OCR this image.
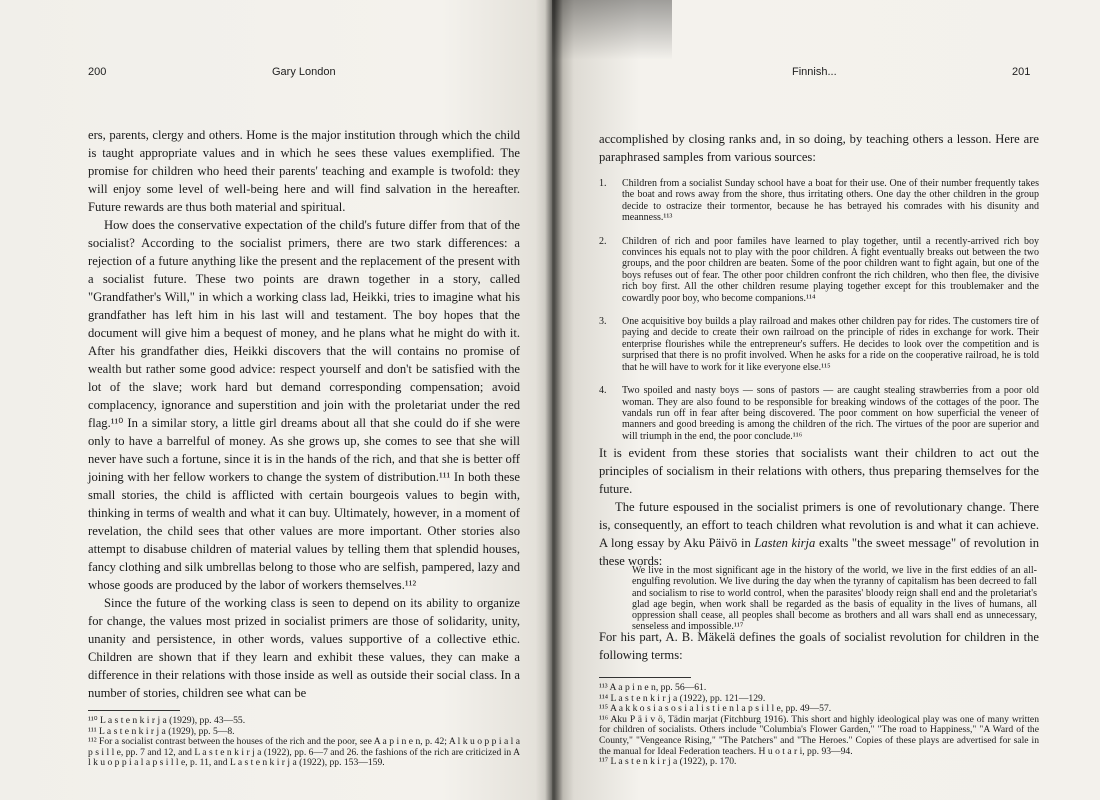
200	Gary London

ers, parents, clergy and others. Home is the major institution through which the child is taught appropriate values and in which he sees these values exemplified. The promise for children who heed their parents' teaching and example is twofold: they will enjoy some level of well-being here and will find salvation in the hereafter. Future rewards are thus both material and spiritual.

How does the conservative expectation of the child's future differ from that of the socialist? According to the socialist primers, there are two stark differences: a rejection of a future anything like the present and the replacement of the present with a socialist future. These two points are drawn together in a story, called "Grandfather's Will," in which a working class lad, Heikki, tries to imagine what his grandfather has left him in his last will and testament. The boy hopes that the document will give him a bequest of money, and he plans what he might do with it. After his grandfather dies, Heikki discovers that the will contains no promise of wealth but rather some good advice: respect yourself and don't be satisfied with the lot of the slave; work hard but demand corresponding compensation; avoid complacency, ignorance and superstition and join with the proletariat under the red flag.¹¹⁰ In a similar story, a little girl dreams about all that she could do if she were only to have a barrelful of money. As she grows up, she comes to see that she will never have such a fortune, since it is in the hands of the rich, and that she is better off joining with her fellow workers to change the system of distribution.¹¹¹ In both these small stories, the child is afflicted with certain bourgeois values to begin with, thinking in terms of wealth and what it can buy. Ultimately, however, in a moment of revelation, the child sees that other values are more important. Other stories also attempt to disabuse children of material values by telling them that splendid houses, fancy clothing and silk umbrellas belong to those who are selfish, pampered, lazy and whose goods are produced by the labor of workers themselves.¹¹²

Since the future of the working class is seen to depend on its ability to organize for change, the values most prized in socialist primers are those of solidarity, unity, unanity and persistence, in other words, values supportive of a collective ethic. Children are shown that if they learn and exhibit these values, they can make a difference in their relations with those inside as well as outside their social class. In a number of stories, children see what can be

¹¹⁰ L a s t e n k i r j a (1929), pp. 43—55.
¹¹¹ L a s t e n k i r j a (1929), pp. 5—8.
¹¹² For a socialist contrast between the houses of the rich and the poor, see A a p i n e n, p. 42; A l k u o p p i a l a p s i l l e, pp. 7 and 12, and L a s t e n k i r j a (1922), pp. 6—7 and 26. the fashions of the rich are criticized in A l k u o p p i a l a p s i l l e, p. 11, and L a s t e n k i r j a (1922), pp. 153—159.
Finnish...	201

accomplished by closing ranks and, in so doing, by teaching others a lesson. Here are paraphrased samples from various sources:

1. Children from a socialist Sunday school have a boat for their use. One of their number frequently takes the boat and rows away from the shore, thus irritating others. One day the other children in the group decide to ostracize their tormentor, because he has betrayed his comrades with his disunity and meanness.¹¹³
2. Children of rich and poor familes have learned to play together, until a recently-arrived rich boy convinces his equals not to play with the poor children. A fight eventually breaks out between the two groups, and the poor children are beaten. Some of the poor children want to fight again, but one of the boys refuses out of fear. The other poor children confront the rich children, who then flee, the divisive rich boy first. All the other children resume playing together except for this troublemaker and the cowardly poor boy, who become companions.¹¹⁴
3. One acquisitive boy builds a play railroad and makes other children pay for rides. The customers tire of paying and decide to create their own railroad on the principle of rides in exchange for work. Their enterprise flourishes while the entrepreneur's suffers. He decides to look over the competition and is surprised that there is no profit involved. When he asks for a ride on the cooperative railroad, he is told that he will have to work for it like everyone else.¹¹⁵
4. Two spoiled and nasty boys — sons of pastors — are caught stealing strawberries from a poor old woman. They are also found to be responsible for breaking windows of the cottages of the poor. The vandals run off in fear after being discovered. The poor comment on how superficial the veneer of manners and good breeding is among the children of the rich. The virtues of the poor are superior and will triumph in the end, the poor conclude.¹¹⁶

It is evident from these stories that socialists want their children to act out the principles of socialism in their relations with others, thus preparing themselves for the future.

The future espoused in the socialist primers is one of revolutionary change. There is, consequently, an effort to teach children what revolution is and what it can achieve. A long essay by Aku Päivö in Lasten kirja exalts "the sweet message" of revolution in these words:

We live in the most significant age in the history of the world, we live in the first eddies of an all-engulfing revolution. We live during the day when the tyranny of capitalism has been decreed to fall and socialism to rise to world control, when the parasites' bloody reign shall end and the proletariat's glad age begin, when work shall be regarded as the basis of equality in the lives of humans, all oppression shall cease, all peoples shall become as brothers and all wars shall end as unnecessary, senseless and impossible.¹¹⁷

For his part, A. B. Mäkelä defines the goals of socialist revolution for children in the following terms:

¹¹³ A a p i n e n, pp. 56—61.
¹¹⁴ L a s t e n k i r j a (1922), pp. 121—129.
¹¹⁵ A a k k o s i a s o s i a l i s t i e n l a p s i l l e, pp. 49—57.
¹¹⁶ Aku P ä i v ö, Tädin marjat (Fitchburg 1916). This short and highly ideological play was one of many written for children of socialists. Others include "Columbia's Flower Garden," "The road to Happiness," "A Ward of the County," "Vengeance Rising," "The Patchers" and "The Heroes." Copies of these plays are advertised for sale in the manual for Ideal Federation teachers. H u o t a r i, pp. 93—94.
¹¹⁷ L a s t e n k i r j a (1922), p. 170.
